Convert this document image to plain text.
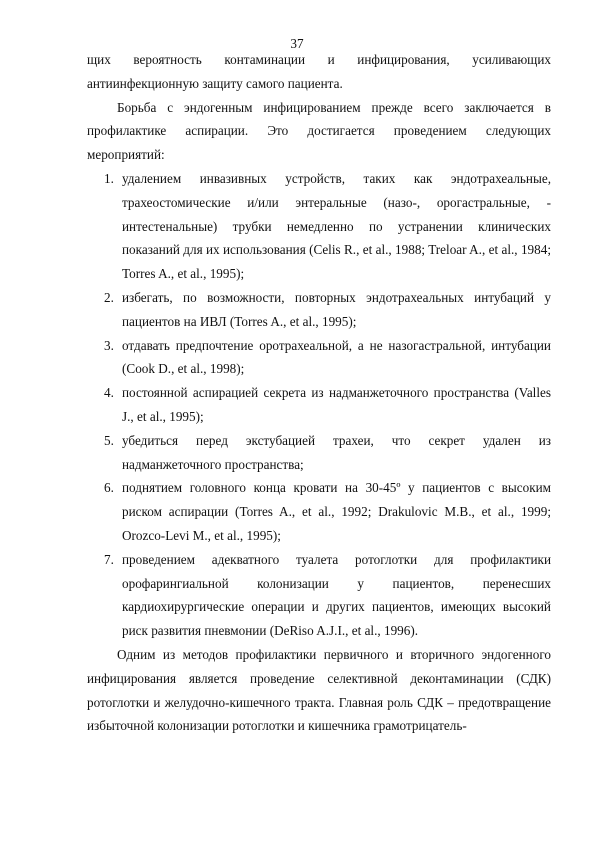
37

щих вероятность контаминации и инфицирования, усиливающих антиинфекционную защиту самого пациента.

Борьба с эндогенным инфицированием прежде всего заключается в профилактике аспирации. Это достигается проведением следующих мероприятий:

1. удалением инвазивных устройств, таких как эндотрахеальные, трахеостомические и/или энтеральные (назо-, орогастральные, - интестенальные) трубки немедленно по устранении клинических показаний для их использования (Celis R., et al., 1988; Treloar A., et al., 1984; Torres A., et al., 1995);
2. избегать, по возможности, повторных эндотрахеальных интубаций у пациентов на ИВЛ (Torres A., et al., 1995);
3. отдавать предпочтение оротрахеальной, а не назогастральной, интубации (Cook D., et al., 1998);
4. постоянной аспирацией секрета из надманжеточного пространства (Valles J., et al., 1995);
5. убедиться перед экстубацией трахеи, что секрет удален из надманжеточного пространства;
6. поднятием головного конца кровати на 30-45º у пациентов с высоким риском аспирации (Torres A., et al., 1992; Drakulovic M.B., et al., 1999; Orozco-Levi M., et al., 1995);
7. проведением адекватного туалета ротоглотки для профилактики орофарингиальной колонизации у пациентов, перенесших кардиохирургические операции и других пациентов, имеющих высокий риск развития пневмонии (DeRiso A.J.I., et al., 1996).

Одним из методов профилактики первичного и вторичного эндогенного инфицирования является проведение селективной деконтаминации (СДК) ротоглотки и желудочно-кишечного тракта. Главная роль СДК – предотвращение избыточной колонизации ротоглотки и кишечника грамотрицатель-
